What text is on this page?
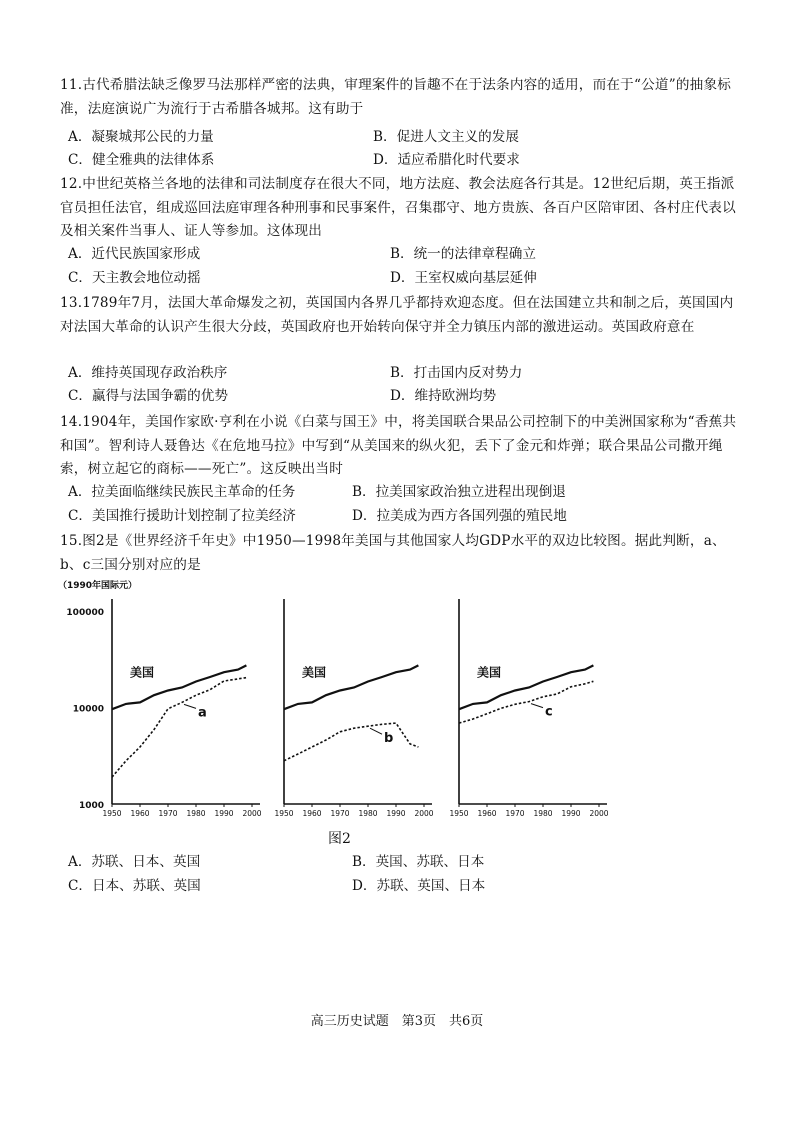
11.古代希腊法缺乏像罗马法那样严密的法典，审理案件的旨趣不在于法条内容的适用，而在于“公道”的抽象标准，法庭演说广为流行于古希腊各城邦。这有助于
A．凝聚城邦公民的力量	B．促进人文主义的发展
C．健全雅典的法律体系	D．适应希腊化时代要求
12.中世纪英格兰各地的法律和司法制度存在很大不同，地方法庭、教会法庭各行其是。12世纪后期，英王指派官员担任法官，组成巡回法庭审理各种刑事和民事案件，召集郡守、地方贵族、各百户区陪审团、各村庄代表以及相关案件当事人、证人等参加。这体现出
A．近代民族国家形成	B．统一的法律章程确立
C．天主教会地位动摇	D．王室权威向基层延伸
13.1789年7月，法国大革命爆发之初，英国国内各界几乎都持欢迎态度。但在法国建立共和制之后，英国国内对法国大革命的认识产生很大分歧，英国政府也开始转向保守并全力镇压内部的激进运动。英国政府意在
A．维持英国现存政治秩序	B．打击国内反对势力
C．赢得与法国争霸的优势	D．维持欧洲均势
14.1904年，美国作家欧·亨利在小说《白菜与国王》中，将美国联合果品公司控制下的中美洲国家称为“香蕉共和国”。智利诗人聂鲁达《在危地马拉》中写到“从美国来的纵火犯，丢下了金元和炸弹；联合果品公司撒开绳索，树立起它的商标——死亡”。这反映出当时
A．拉美面临继续民族民主革命的任务	B．拉美国家政治独立进程出现倒退
C．美国推行援助计划控制了拉美经济	D．拉美成为西方各国列强的殖民地
15.图2是《世界经济千年史》中1950—1998年美国与其他国家人均GDP水平的双边比较图。据此判断，a、b、c三国分别对应的是
（1990年国际元）
100000
10000
1000
1950 1960 1970 1980 1990 2000
美国
a
1950 1960 1970 1980 1990 2000
美国
b
1950 1960 1970 1980 1990 2000
美国
c
图2
A．苏联、日本、英国	B．英国、苏联、日本
C．日本、苏联、英国	D．苏联、英国、日本
高三历史试题　第3页　共6页
